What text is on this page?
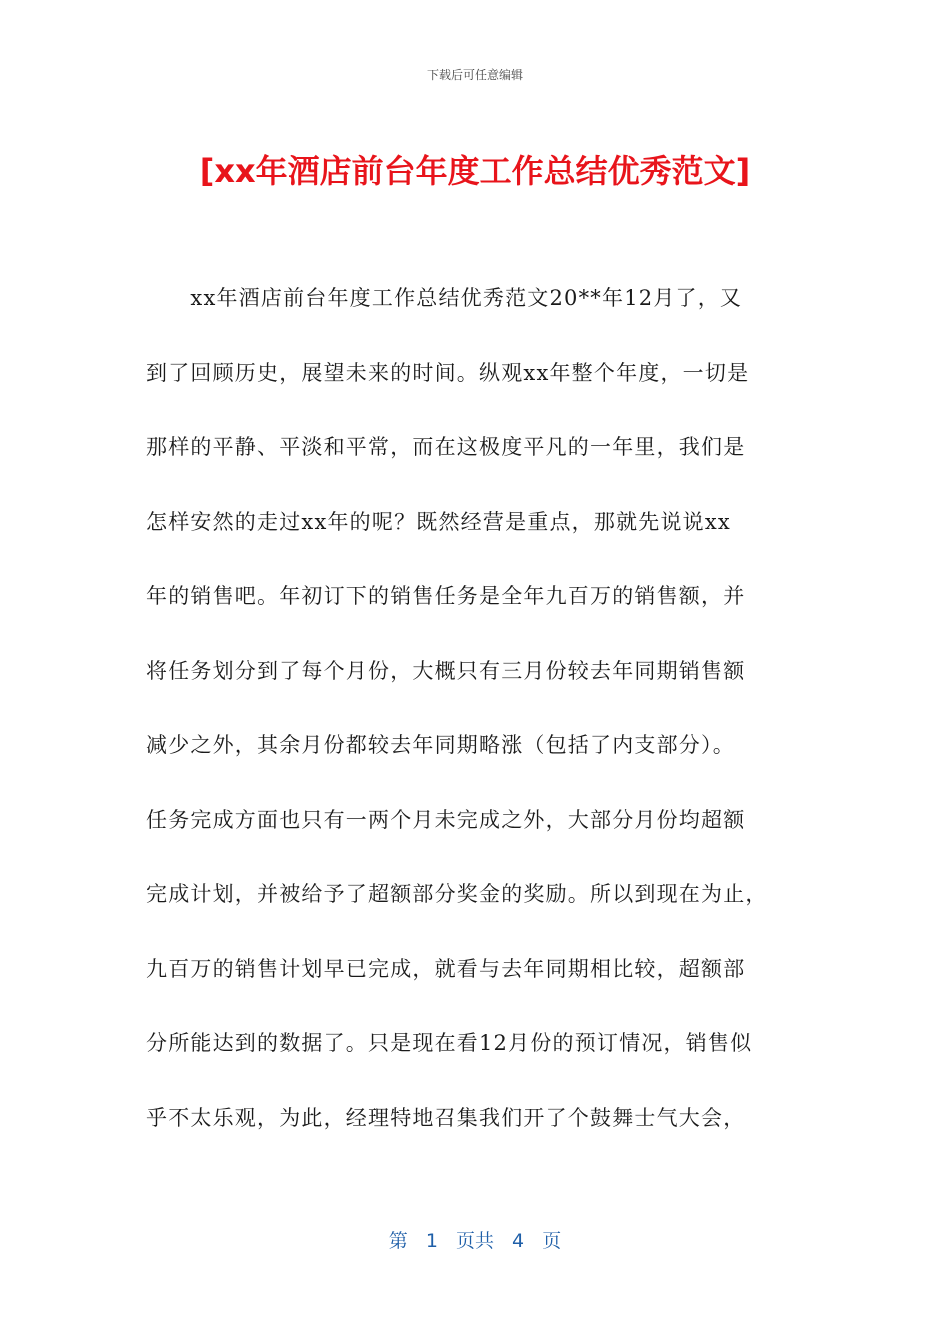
下载后可任意编辑
[xx年酒店前台年度工作总结优秀范文]
　　xx年酒店前台年度工作总结优秀范文20**年12月了，又
到了回顾历史，展望未来的时间。纵观xx年整个年度，一切是
那样的平静、平淡和平常，而在这极度平凡的一年里，我们是
怎样安然的走过xx年的呢？既然经营是重点，那就先说说xx
年的销售吧。年初订下的销售任务是全年九百万的销售额，并
将任务划分到了每个月份，大概只有三月份较去年同期销售额
减少之外，其余月份都较去年同期略涨（包括了内支部分）。
任务完成方面也只有一两个月未完成之外，大部分月份均超额
完成计划，并被给予了超额部分奖金的奖励。所以到现在为止，
九百万的销售计划早已完成，就看与去年同期相比较，超额部
分所能达到的数据了。只是现在看12月份的预订情况，销售似
乎不太乐观，为此，经理特地召集我们开了个鼓舞士气大会，
第 1 页共 4 页
